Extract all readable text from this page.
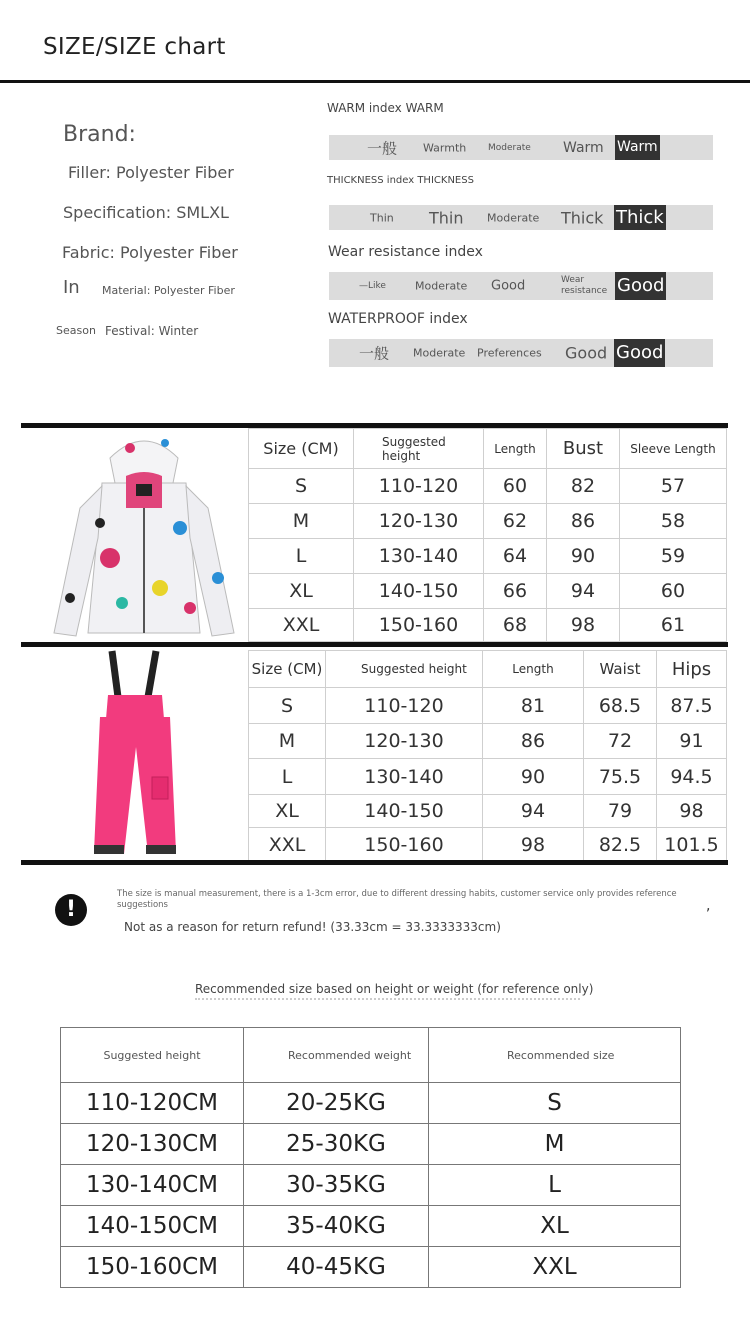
SIZE/SIZE chart
Brand:
Filler: Polyester Fiber
Specification: SMLXL
Fabric: Polyester Fiber
In Material: Polyester Fiber
Season Festival: Winter
WARM index WARM
一般 Warmth Moderate Warm Warm
THICKNESS index THICKNESS
Thin Thin Moderate Thick Thick
Wear resistance index
—Like	Moderate Good	Wear resistance Good
WATERPROOF index
一般 Moderate Preferences Good Good
Size (CM)	Suggested height	Length	Bust	Sleeve Length
S	110-120	60	82	57
M	120-130	62	86	58
L	130-140	64	90	59
XL	140-150	66	94	60
XXL	150-160	68	98	61
Size (CM)	Suggested height	Length	Waist	Hips
S	110-120	81	68.5	87.5
M	120-130	86	72	91
L	130-140	90	75.5	94.5
XL	140-150	94	79	98
XXL	150-160	98	82.5	101.5
!
The size is manual measurement, there is a 1-3cm error, due to different dressing habits, customer service only provides reference suggestions
Not as a reason for return refund! (33.33cm = 33.3333333cm)
,
Recommended size based on height or weight (for reference only)
Suggested height	Recommended weight	Recommended size
110-120CM	20-25KG	S
120-130CM	25-30KG	M
130-140CM	30-35KG	L
140-150CM	35-40KG	XL
150-160CM	40-45KG	XXL
